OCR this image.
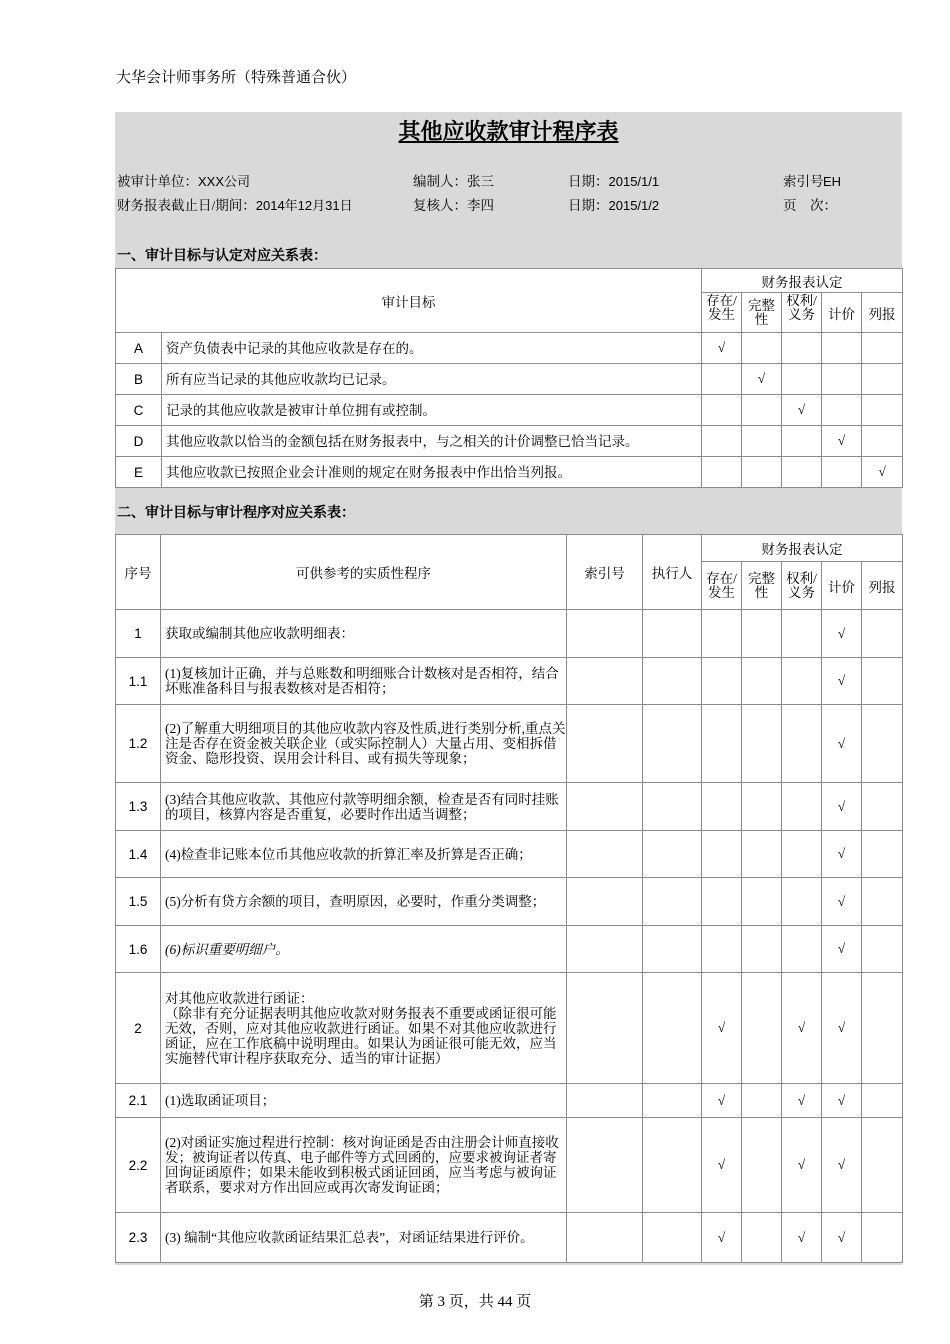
大华会计师事务所（特殊普通合伙）
其他应收款审计程序表
被审计单位：XXX公司	编制人：张三	日期：2015/1/1	索引号EH
财务报表截止日/期间：2014年12月31日	复核人：李四	日期：2015/1/2	页    次：
一、审计目标与认定对应关系表：
审计目标		财务报表认定				

		存在/发生	完整性	权利/义务	计价	列报
A	资产负债表中记录的其他应收款是存在的。	√				
B	所有应当记录的其他应收款均已记录。		√			
C	记录的其他应收款是被审计单位拥有或控制。			√		
D	其他应收款以恰当的金额包括在财务报表中，与之相关的计价调整已恰当记录。				√	
E	其他应收款已按照企业会计准则的规定在财务报表中作出恰当列报。					√
二、审计目标与审计程序对应关系表：
序号	可供参考的实质性程序	索引号	执行人	财务报表认定				
				存在/发生	完整性	权利/义务	计价	列报
1	获取或编制其他应收款明细表：						√	
1.1	(1)复核加计正确，并与总账数和明细账合计数核对是否相符，结合坏账准备科目与报表数核对是否相符；						√	
1.2	(2)了解重大明细项目的其他应收款内容及性质,进行类别分析,重点关注是否存在资金被关联企业（或实际控制人）大量占用、变相拆借资金、隐形投资、误用会计科目、或有损失等现象；						√	
1.3	(3)结合其他应收款、其他应付款等明细余额，检查是否有同时挂账的项目，核算内容是否重复，必要时作出适当调整；						√	
1.4	(4)检查非记账本位币其他应收款的折算汇率及折算是否正确；						√	
1.5	(5)分析有贷方余额的项目，查明原因，必要时，作重分类调整；						√	
1.6	(6)标识重要明细户。						√	
2	对其他应收款进行函证：
（除非有充分证据表明其他应收款对财务报表不重要或函证很可能无效，否则，应对其他应收款进行函证。如果不对其他应收款进行函证，应在工作底稿中说明理由。如果认为函证很可能无效，应当实施替代审计程序获取充分、适当的审计证据）			√		√	√	
2.1	(1)选取函证项目；			√		√	√	
2.2	(2)对函证实施过程进行控制：核对询证函是否由注册会计师直接收发；被询证者以传真、电子邮件等方式回函的，应要求被询证者寄回询证函原件；如果未能收到积极式函证回函，应当考虑与被询证者联系，要求对方作出回应或再次寄发询证函；			√		√	√	
2.3	(3) 编制“其他应收款函证结果汇总表”，对函证结果进行评价。			√		√	√	
第 3 页，共 44 页
